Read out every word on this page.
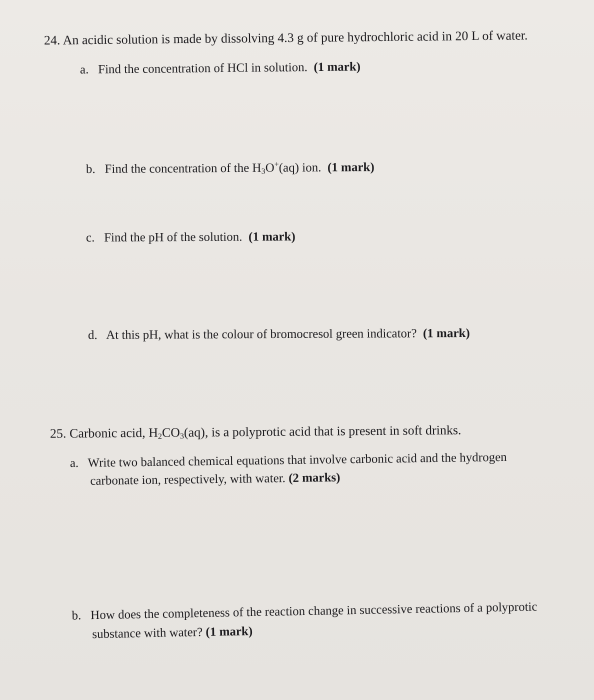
24. An acidic solution is made by dissolving 4.3 g of pure hydrochloric acid in 20 L of water.
a. Find the concentration of HCl in solution. (1 mark)
b. Find the concentration of the $H_3O^+(aq)$ ion. (1 mark)
c. Find the pH of the solution. (1 mark)
d. At this pH, what is the colour of bromocresol green indicator? (1 mark)
25. Carbonic acid, $H_2CO_3(aq)$, is a polyprotic acid that is present in soft drinks.
a. Write two balanced chemical equations that involve carbonic acid and the hydrogen
carbonate ion, respectively, with water. (2 marks)
b. How does the completeness of the reaction change in successive reactions of a polyprotic
substance with water? (1 mark)
